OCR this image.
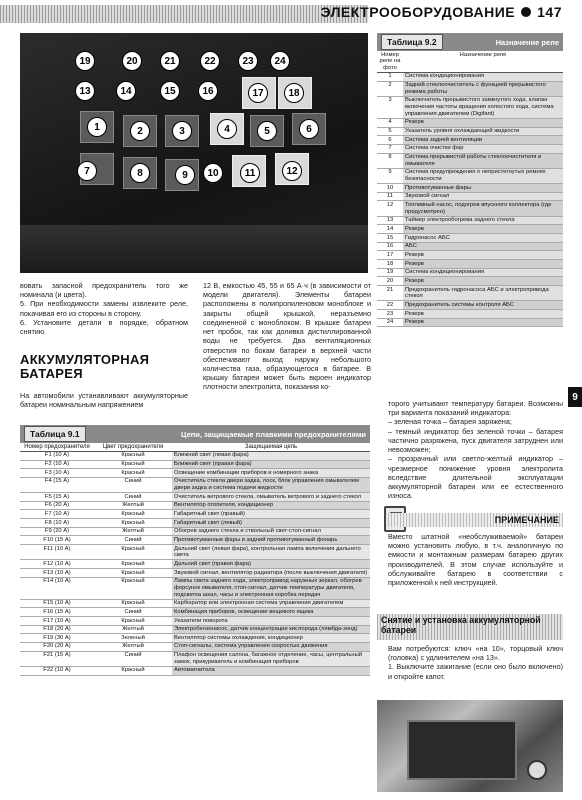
ЭЛЕКТРООБОРУДОВАНИЕ 147
19	20	21	22	23	24
13	14	15	16	17	18
1	2	3	4	5	6
7	8	9	10	11	12
Таблица 9.2	Назначение реле
Номер реле на фото	Назначение реле
1	Система кондиционирования
2	Задний стеклоочиститель с функцией прерывистого режима работы
3	Выключатель прерывистого замкнутого хода, клапан включения частоты вращения холостого хода, система управления двигателем (Digifant)
4	Резерв
5	Указатель уровня охлаждающей жидкости
6	Система задней вентиляции
7	Система очистки фар
8	Система прерывистой работы стеклоочистителя и омывателя
9	Система предупреждения о непристегнутых ремнях безопасности
10	Противотуманные фары
11	Звуковой сигнал
12	Топливный насос, подогрев впускного коллектора (где предусмотрен)
13	Таймер электрообогрева заднего стекла
14	Резерв
15	Гидронасос АБС
16	АБС
17	Резерв
18	Резерв
19	Система кондиционирования
20	Резерв
21	Предохранитель гидронасоса АБС и электропривода стекол
22	Предохранитель системы контроля АБС
23	Резерв
24	Резерв
вовать запасной предохранитель того же номинала (и цвета).
5. При необходимости замены извлеките реле, покачивая его из стороны в сторону.
6. Установите детали в порядке, обратном снятию.
12 В, емкостью 45, 55 и 65 А·ч (в зависимости от модели двигателя). Элементы батареи расположены в полипропиленовом моноблоке и закрыты общей крышкой, неразъемно соединенной с моноблоком. В крышке батареи нет пробок, так как доливка дистиллированной воды не требуется. Два вентиляционных отверстия по бокам батареи в верхней части обеспечивают выход наружу небольшого количества газа, образующегося в батарее. В крышку батареи может быть вкроен индикатор плотности электролита, показания ко-
АККУМУЛЯТОРНАЯ БАТАРЕЯ
На автомобили устанавливают аккумуляторные батареи номинальным напряжением
Таблица 9.1	Цепи, защищаемые плавкими предохранителями
Номер предохранителя	Цвет предохранителя	Защищаемая цепь
F1 (10 А)	Красный	Ближний свет (левая фара)
F2 (10 А)	Красный	Ближний свет (правая фара)
F3 (10 А)	Красный	Освещение комбинации приборов и номерного знака
F4 (15 А)	Синий	Очиститель стекла двери задка, лоск, блок управления омывателем двери задка и система подачи жидкости
F5 (15 А)	Синий	Очиститель ветрового стекла, омыватель ветрового и заднего стекол
F6 (20 А)	Желтый	Вентилятор отопителя, кондиционер
F7 (10 А)	Красный	Габаритный свет (правый)
F8 (10 А)	Красный	Габаритный свет (левый)
F9 (20 А)	Желтый	Обогрев заднего стекла и ствольный свет-стоп-сигнал
F10 (15 А)	Синий	Противотуманные фары и задний противотуманный фонарь
F11 (10 А)	Красный	Дальний свет (левая фара), контрольная лампа включения дальнего света
F12 (10 А)	Красный	Дальний свет (правая фара)
F13 (10 А)	Красный	Звуковой сигнал, вентилятор радиатора (после выключения двигателя)
F14 (10 А)	Красный	Лампы света заднего хода, электропривод наружных зеркал, обогрев форсунок омывателя, стоп-сигнал, датчик температуры двигателя, подсветка шкал, часы и электронная коробка передач
F15 (10 А)	Красный	Карбюратор или электронная система управления двигателем
F16 (15 А)	Синий	Комбинация приборов, освещение вещевого ящика
F17 (10 А)	Красный	Указатели поворота
F18 (20 А)	Желтый	Электробензонасос, датчик концентрации кислорода (лямбда-зонд)
F19 (30 А)	Зеленый	Вентилятор системы охлаждения, кондиционер
F20 (20 А)	Желтый	Стоп-сигналы, система управления скоростью движения
F21 (15 А)	Синий	Плафон освещения салона, багажное отделение, часы, центральный замок, прикуриватель и комбинация приборов
F22 (10 А)	Красный	Автомагнитола
торого учитывают температуру батареи. Возможны три варианта показаний индикатора:
– зеленая точка – батарея заряжена;
– темный индикатор без зеленой точки – батарея частично разряжена, пуск двигателя затруднен или невозможен;
– прозрачный или светло-желтый индикатор – чрезмерное понижение уровня электролита вследствие длительной эксплуатации аккумуляторной батареи или ее естественного износа.
9
ПРИМЕЧАНИЕ
Вместо штатной «необслуживаемой» батареи можно установить любую, в т.ч. аналогичную по емкости и монтажным размерам батарею других производителей. В этом случае используйте и обслуживайте батарею в соответствии с приложенной к ней инструкцией.
Снятие и установка аккумуляторной батареи
Вам потребуются: ключ «на 10», торцовый ключ (головка) с удлинителем «на 13».
1. Выключите зажигание (если оно было включено) и откройте капот.
